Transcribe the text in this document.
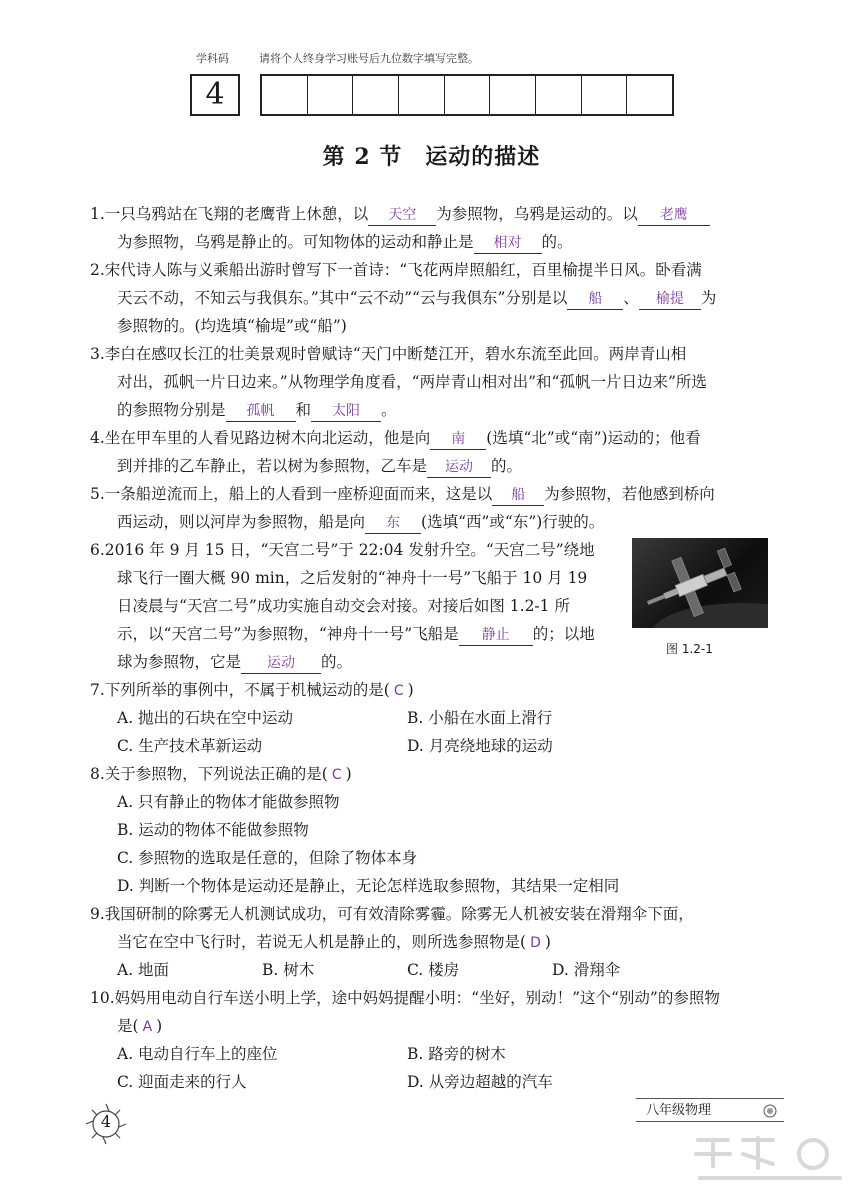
学科码	请将个人终身学习账号后九位数字填写完整。
4
第 2 节　运动的描述
1.一只乌鸦站在飞翔的老鹰背上休憩，以 天空 为参照物，乌鸦是运动的。以 老鹰
为参照物，乌鸦是静止的。可知物体的运动和静止是 相对 的。
2.宋代诗人陈与义乘船出游时曾写下一首诗：“飞花两岸照船红，百里榆提半日风。卧看满
天云不动，不知云与我俱东。”其中“云不动”“云与我俱东”分别是以 船 、 榆提 为
参照物的。(均选填“榆堤”或“船”)
3.李白在感叹长江的壮美景观时曾赋诗“天门中断楚江开，碧水东流至此回。两岸青山相
对出，孤帆一片日边来。”从物理学角度看，“两岸青山相对出”和“孤帆一片日边来”所选
的参照物分别是 孤帆 和 太阳 。
4.坐在甲车里的人看见路边树木向北运动，他是向 南 (选填“北”或“南”)运动的；他看
到并排的乙车静止，若以树为参照物，乙车是 运动 的。
5.一条船逆流而上，船上的人看到一座桥迎面而来，这是以 船 为参照物，若他感到桥向
西运动，则以河岸为参照物，船是向 东 (选填“西”或“东”)行驶的。
6.2016 年 9 月 15 日，“天宫二号”于 22:04 发射升空。“天宫二号”绕地
球飞行一圈大概 90 min，之后发射的“神舟十一号”飞船于 10 月 19
日凌晨与“天宫二号”成功实施自动交会对接。对接后如图 1.2-1 所
示，以“天宫二号”为参照物，“神舟十一号”飞船是 静止 的；以地
球为参照物，它是 运动 的。
图 1.2-1
7.下列所举的事例中，不属于机械运动的是( C )
A. 抛出的石块在空中运动	B. 小船在水面上滑行
C. 生产技术革新运动	D. 月亮绕地球的运动
8.关于参照物，下列说法正确的是( C )
A. 只有静止的物体才能做参照物
B. 运动的物体不能做参照物
C. 参照物的选取是任意的，但除了物体本身
D. 判断一个物体是运动还是静止，无论怎样选取参照物，其结果一定相同
9.我国研制的除雾无人机测试成功，可有效清除雾霾。除雾无人机被安装在滑翔伞下面，
当它在空中飞行时，若说无人机是静止的，则所选参照物是( D )
A. 地面	B. 树木	C. 楼房	D. 滑翔伞
10.妈妈用电动自行车送小明上学，途中妈妈提醒小明：“坐好，别动！”这个“别动”的参照物
是( A )
A. 电动自行车上的座位	B. 路旁的树木
C. 迎面走来的行人	D. 从旁边超越的汽车
4
八年级物理
